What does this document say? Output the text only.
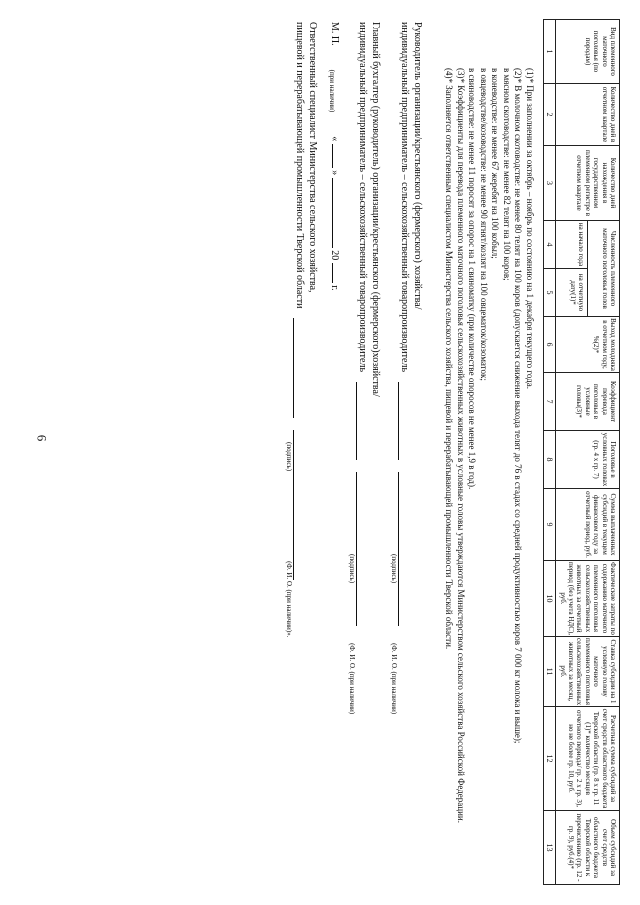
6
Вид племенного маточного поголовья (по породам)	Количество дней в отчетном квартале	Количество дней нахождения в государственном племенном регистре в отчетном квартале	Численность племенного маточного поголовья голов		Выход молодняка в отчетном году, %(2)*	Коэффициент перевода поголовья в условные головы(3)*	Поголовье в условных головах (гр. 4 х гр. 7)	Сумма выплаченных субсидий в текущем финансовом году за отчетный период, руб.	Фактические затраты по содержанию маточного племенного поголовья сельскохозяйственных животных за отчетный период (без учета НДС), руб.	Ставка субсидии на 1 условную голову маточного племенного поголовья сельскохозяйственных животных за месяц, руб.	Расчетная сумма субсидий за счет средств областного бюджета Тверской области (гр. 8 х гр. 11 (1)* количество месяцев отчетного периода/ гр. 2 х гр. 3), но не более гр. 10, руб.	Объем субсидий за счет средств областного бюджета Тверской области к перечислению (гр. 12 - гр. 9), руб.(4)*
			на начало года	на отчетную дату(1)*								
1	2	3	4	5	6	7	8	9	10	11	12	13

(1)* При заполнении за октябрь – ноябрь по состоянию на 1 декабря текущего года.

(2)* В молочном скотоводстве: не менее 80 телят на 100 коров (допускается снижение выхода телят до 76 в стадах со средней продуктивностью коров 7 000 кг молока и выше);

в мясном скотоводстве: не менее 82 телят на 100 коров;

в коневодстве: не менее 67 жеребят на 100 кобыл;

в овцеводстве/козоводстве: не менее 90 ягнят/козлят на 100 овцематок/козоматок;

в свиноводстве: не менее 11 поросят за опорос на 1 свиноматку (при количестве опоросов не менее 1,9 в год).

(3)* Коэффициенты для перевода племенного маточного поголовья сельскохозяйственных животных в условные головы утверждаются Министерством сельского хозяйства Российской Федерации.

(4)* Заполняется ответственным специалистом Министерства сельского хозяйства, пищевой и перерабатывающей промышленности Тверской области.

Руководитель организации/крестьянского (фермерского) хозяйства/
индивидуальный предприниматель – сельскохозяйственный товаропроизводитель
(подпись)
(Ф. И. О. (при наличии)
Главный бухгалтер (руководитель) организации/крестьянского (фермерского)хозяйства/
индивидуальный предприниматель – сельскохозяйственный товаропроизводитель
(подпись)
(Ф. И. О. (при наличии)
М. П.
(при наличии)
«  »  20  г.
Ответственный специалист Министерства сельского хозяйства,
пищевой и перерабатывающей промышленности Тверской области
(подпись)
(Ф. И. О. (при наличии)».
